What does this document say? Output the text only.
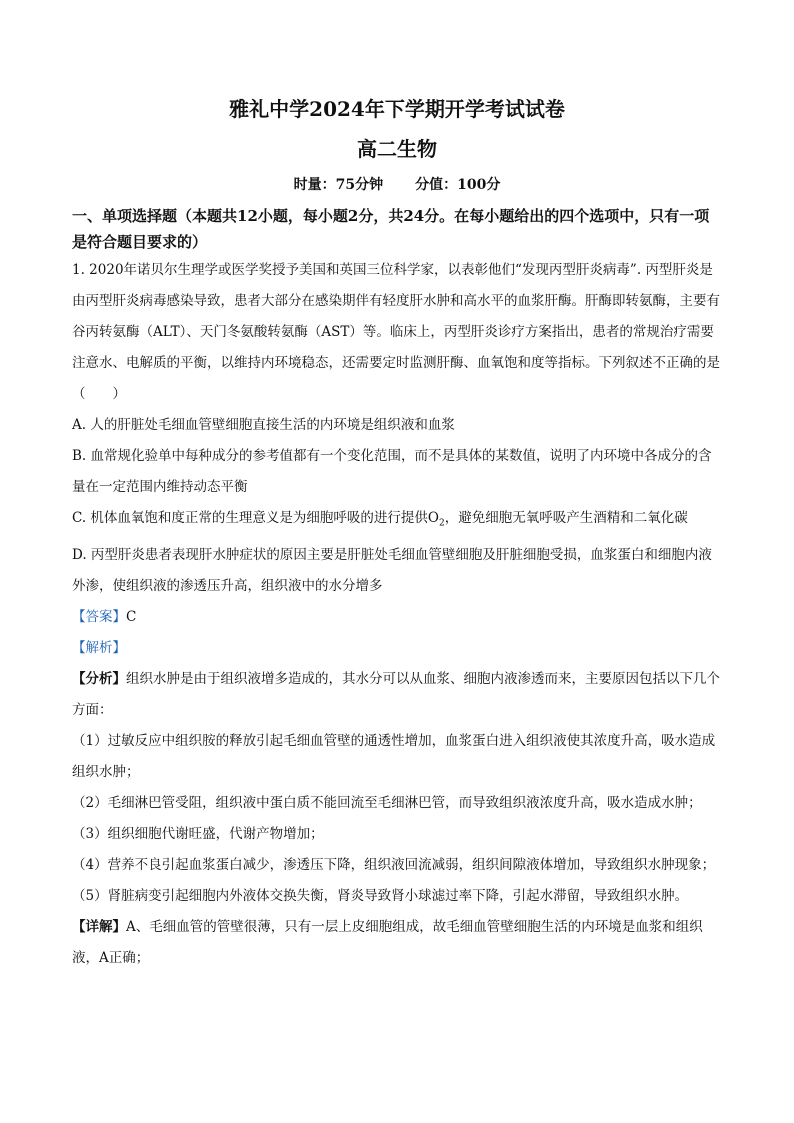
雅礼中学2024年下学期开学考试试卷
高二生物
时量：75分钟 分值：100分
一、单项选择题（本题共12小题，每小题2分，共24分。在每小题给出的四个选项中，只有一项是符合题目要求的）

1. 2020年诺贝尔生理学或医学奖授予美国和英国三位科学家，以表彰他们“发现丙型肝炎病毒”. 丙型肝炎是由丙型肝炎病毒感染导致，患者大部分在感染期伴有轻度肝水肿和高水平的血浆肝酶。肝酶即转氨酶，主要有谷丙转氨酶（ALT）、天门冬氨酸转氨酶（AST）等。临床上，丙型肝炎诊疗方案指出，患者的常规治疗需要注意水、电解质的平衡，以维持内环境稳态，还需要定时监测肝酶、血氧饱和度等指标。下列叙述不正确的是（　　）

A. 人的肝脏处毛细血管壁细胞直接生活的内环境是组织液和血浆
B. 血常规化验单中每种成分的参考值都有一个变化范围，而不是具体的某数值，说明了内环境中各成分的含量在一定范围内维持动态平衡
C. 机体血氧饱和度正常的生理意义是为细胞呼吸的进行提供$O_2$，避免细胞无氧呼吸产生酒精和二氧化碳
D. 丙型肝炎患者表现肝水肿症状的原因主要是肝脏处毛细血管壁细胞及肝脏细胞受损，血浆蛋白和细胞内液外渗，使组织液的渗透压升高，组织液中的水分增多

【答案】C

【解析】

【分析】组织水肿是由于组织液增多造成的，其水分可以从血浆、细胞内液渗透而来，主要原因包括以下几个方面：

（1）过敏反应中组织胺的释放引起毛细血管壁的通透性增加，血浆蛋白进入组织液使其浓度升高，吸水造成组织水肿；

（2）毛细淋巴管受阻，组织液中蛋白质不能回流至毛细淋巴管，而导致组织液浓度升高，吸水造成水肿；

（3）组织细胞代谢旺盛，代谢产物增加；

（4）营养不良引起血浆蛋白减少，渗透压下降，组织液回流减弱，组织间隙液体增加，导致组织水肿现象；

（5）肾脏病变引起细胞内外液体交换失衡，肾炎导致肾小球滤过率下降，引起水滞留，导致组织水肿。

【详解】A、毛细血管的管壁很薄，只有一层上皮细胞组成，故毛细血管壁细胞生活的内环境是血浆和组织液，A正确；
